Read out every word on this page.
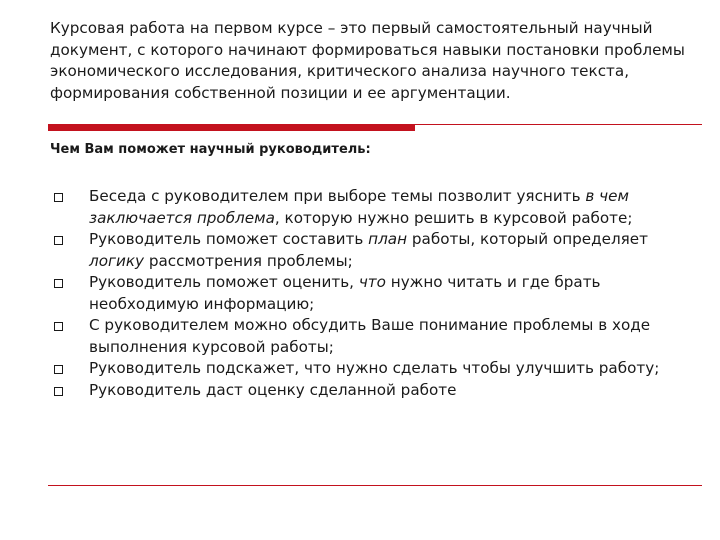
Курсовая работа на первом курсе – это первый самостоятельный научный документ, с которого начинают формироваться навыки постановки проблемы экономического исследования, критического анализа научного текста, формирования собственной позиции и ее аргументации.

Чем Вам поможет научный руководитель:

Беседа с руководителем при выборе темы позволит уяснить в чем заключается проблема, которую нужно решить в курсовой работе;
Руководитель поможет составить план работы, который определяет логику рассмотрения проблемы;
Руководитель поможет оценить, что нужно читать и где брать необходимую информацию;
С руководителем можно обсудить Ваше понимание проблемы в ходе выполнения курсовой работы;
Руководитель подскажет, что нужно сделать чтобы улучшить работу;
Руководитель даст оценку сделанной работе
